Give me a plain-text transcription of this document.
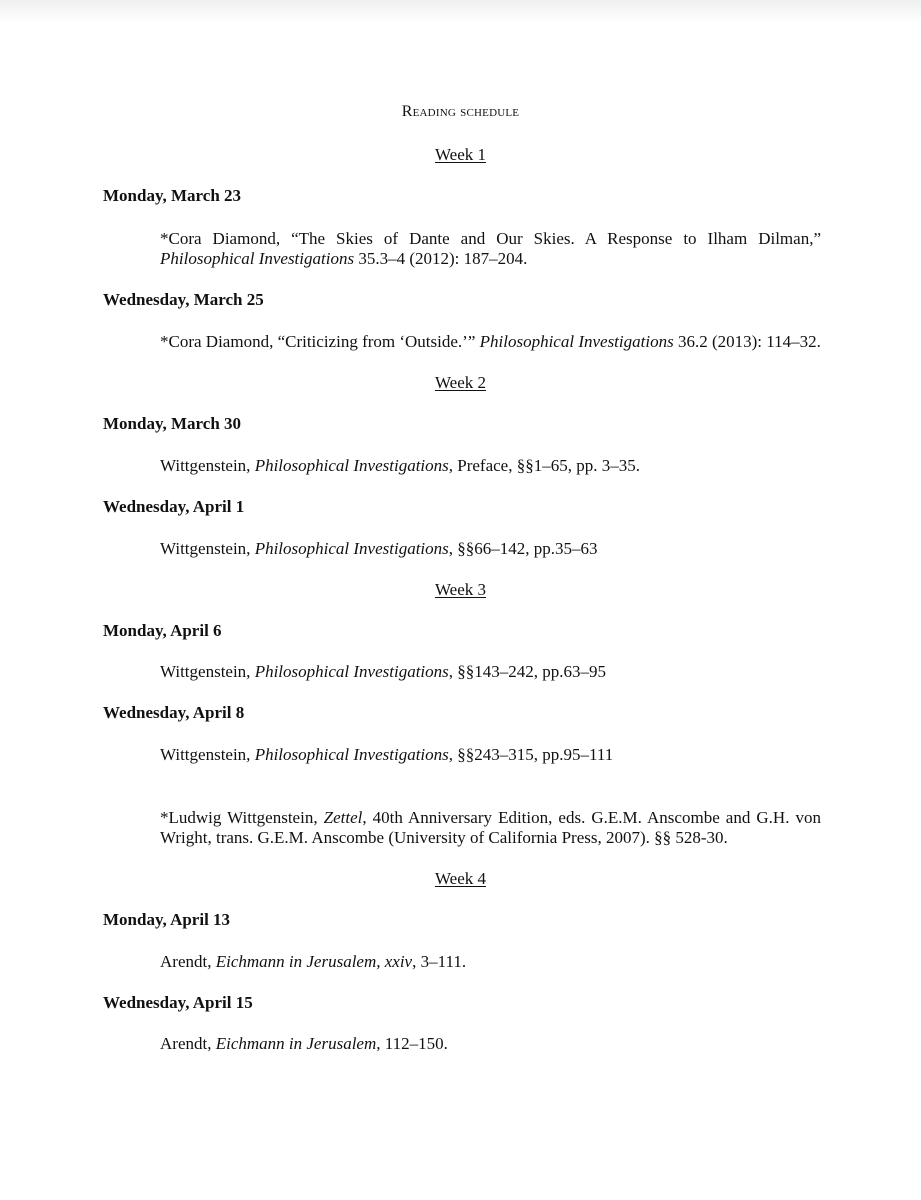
Reading schedule
Week 1
Monday, March 23
*Cora Diamond, “The Skies of Dante and Our Skies. A Response to Ilham Dilman,” Philosophical Investigations 35.3–4 (2012): 187–204.
Wednesday, March 25
*Cora Diamond, “Criticizing from ‘Outside.’” Philosophical Investigations 36.2 (2013): 114–32.
Week 2
Monday, March 30
Wittgenstein, Philosophical Investigations, Preface, §§1–65, pp. 3–35.
Wednesday, April 1
Wittgenstein, Philosophical Investigations, §§66–142, pp.35–63
Week 3
Monday, April 6
Wittgenstein, Philosophical Investigations, §§143–242, pp.63–95
Wednesday, April 8
Wittgenstein, Philosophical Investigations, §§243–315, pp.95–111
*Ludwig Wittgenstein, Zettel, 40th Anniversary Edition, eds. G.E.M. Anscombe and G.H. von Wright, trans. G.E.M. Anscombe (University of California Press, 2007). §§ 528-30.
Week 4
Monday, April 13
Arendt, Eichmann in Jerusalem, xxiv, 3–111.
Wednesday, April 15
Arendt, Eichmann in Jerusalem, 112–150.
